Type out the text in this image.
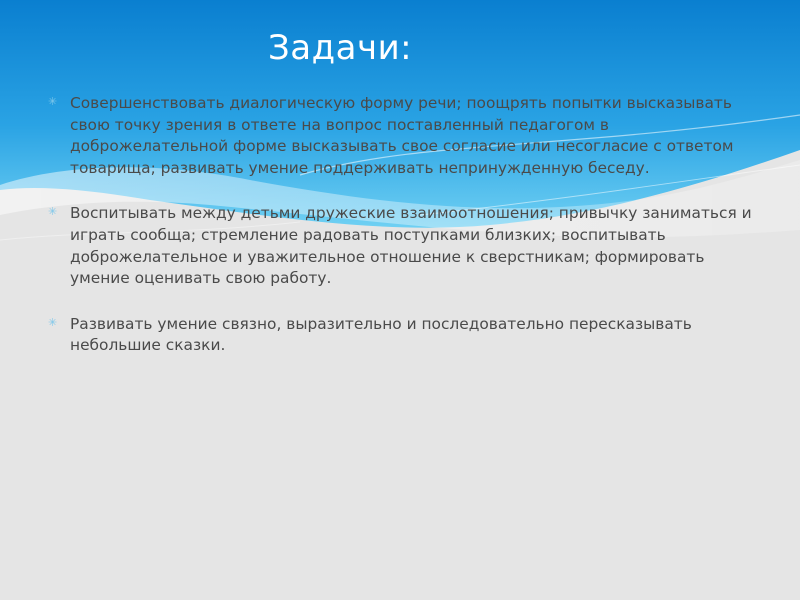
Задачи:
✳ Совершенствовать диалогическую форму речи; поощрять попытки высказывать свою точку зрения в ответе на вопрос поставленный педагогом в доброжелательной форме высказывать свое согласие или несогласие с ответом товарища; развивать умение поддерживать непринужденную беседу.
✳ Воспитывать между детьми дружеские взаимоотношения; привычку заниматься и играть сообща; стремление радовать поступками близких; воспитывать доброжелательное и уважительное отношение к сверстникам; формировать умение оценивать свою работу.
✳ Развивать умение связно, выразительно и последовательно пересказывать небольшие сказки.
